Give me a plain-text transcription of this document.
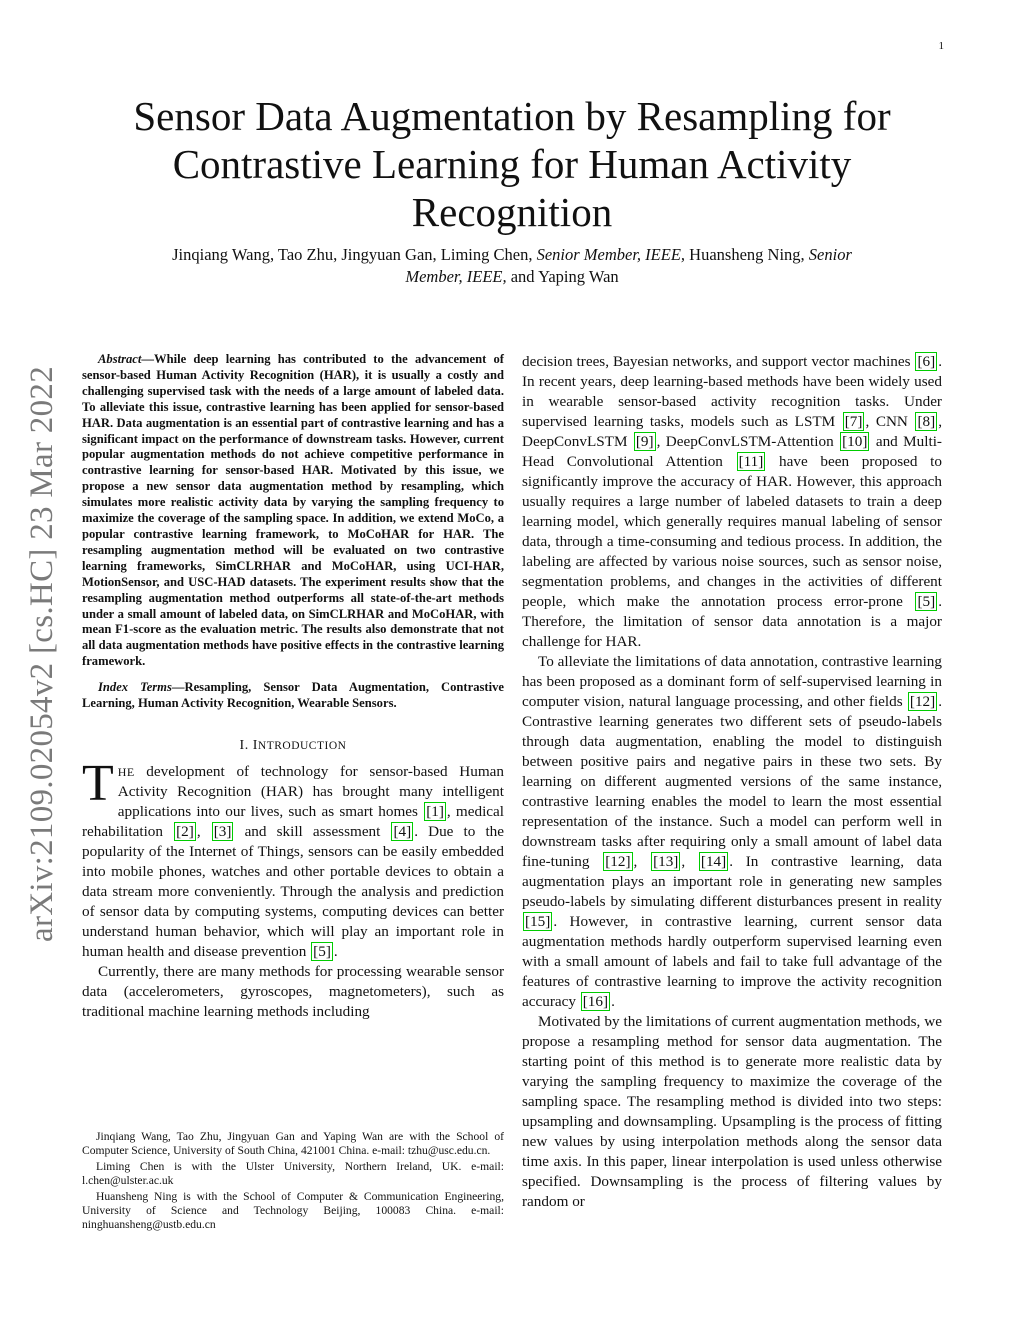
1
Sensor Data Augmentation by Resampling for
Contrastive Learning for Human Activity
Recognition
Jinqiang Wang, Tao Zhu, Jingyuan Gan, Liming Chen, Senior Member, IEEE, Huansheng Ning, Senior
Member, IEEE, and Yaping Wan
arXiv:2109.02054v2 [cs.HC] 23 Mar 2022

Abstract—While deep learning has contributed to the advancement of sensor-based Human Activity Recognition (HAR), it is usually a costly and challenging supervised task with the needs of a large amount of labeled data. To alleviate this issue, contrastive learning has been applied for sensor-based HAR. Data augmentation is an essential part of contrastive learning and has a significant impact on the performance of downstream tasks. However, current popular augmentation methods do not achieve competitive performance in contrastive learning for sensor-based HAR. Motivated by this issue, we propose a new sensor data augmentation method by resampling, which simulates more realistic activity data by varying the sampling frequency to maximize the coverage of the sampling space. In addition, we extend MoCo, a popular contrastive learning framework, to MoCoHAR for HAR. The resampling augmentation method will be evaluated on two contrastive learning frameworks, SimCLRHAR and MoCoHAR, using UCI-HAR, MotionSensor, and USC-HAD datasets. The experiment results show that the resampling augmentation method outperforms all state-of-the-art methods under a small amount of labeled data, on SimCLRHAR and MoCoHAR, with mean F1-score as the evaluation metric. The results also demonstrate that not all data augmentation methods have positive effects in the contrastive learning framework.

Index Terms—Resampling, Sensor Data Augmentation, Contrastive Learning, Human Activity Recognition, Wearable Sensors.

I. INTRODUCTION

THE development of technology for sensor-based Human Activity Recognition (HAR) has brought many intelligent applications into our lives, such as smart homes [1] , medical rehabilitation [2] , [3] and skill assessment [4] . Due to the popularity of the Internet of Things, sensors can be easily embedded into mobile phones, watches and other portable devices to obtain a data stream more conveniently. Through the analysis and prediction of sensor data by computing systems, computing devices can better understand human behavior, which will play an important role in human health and disease prevention [5] .

Currently, there are many methods for processing wearable sensor data (accelerometers, gyroscopes, magnetometers), such as traditional machine learning methods including

Jinqiang Wang, Tao Zhu, Jingyuan Gan and Yaping Wan are with the School of Computer Science, University of South China, 421001 China. e-mail: tzhu@usc.edu.cn.

Liming Chen is with the Ulster University, Northern Ireland, UK. e-mail: l.chen@ulster.ac.uk

Huansheng Ning is with the School of Computer & Communication Engineering, University of Science and Technology Beijing, 100083 China. e-mail: ninghuansheng@ustb.edu.cn

decision trees, Bayesian networks, and support vector machines [6] . In recent years, deep learning-based methods have been widely used in wearable sensor-based activity recognition tasks. Under supervised learning tasks, models such as LSTM [7] , CNN [8] , DeepConvLSTM [9] , DeepConvLSTM-Attention [10] and Multi-Head Convolutional Attention [11] have been proposed to significantly improve the accuracy of HAR. However, this approach usually requires a large number of labeled datasets to train a deep learning model, which generally requires manual labeling of sensor data, through a time-consuming and tedious process. In addition, the labeling are affected by various noise sources, such as sensor noise, segmentation problems, and changes in the activities of different people, which make the annotation process error-prone [5] . Therefore, the limitation of sensor data annotation is a major challenge for HAR.

To alleviate the limitations of data annotation, contrastive learning has been proposed as a dominant form of self-supervised learning in computer vision, natural language processing, and other fields [12] . Contrastive learning generates two different sets of pseudo-labels through data augmentation, enabling the model to distinguish between positive pairs and negative pairs in these two sets. By learning on different augmented versions of the same instance, contrastive learning enables the model to learn the most essential representation of the instance. Such a model can perform well in downstream tasks after requiring only a small amount of label data fine-tuning [12] , [13] , [14] . In contrastive learning, data augmentation plays an important role in generating new samples pseudo-labels by simulating different disturbances present in reality [15] . However, in contrastive learning, current sensor data augmentation methods hardly outperform supervised learning even with a small amount of labels and fail to take full advantage of the features of contrastive learning to improve the activity recognition accuracy [16] .

Motivated by the limitations of current augmentation methods, we propose a resampling method for sensor data augmentation. The starting point of this method is to generate more realistic data by varying the sampling frequency to maximize the coverage of the sampling space. The resampling method is divided into two steps: upsampling and downsampling. Upsampling is the process of fitting new values by using interpolation methods along the sensor data time axis. In this paper, linear interpolation is used unless otherwise specified. Downsampling is the process of filtering values by random or
